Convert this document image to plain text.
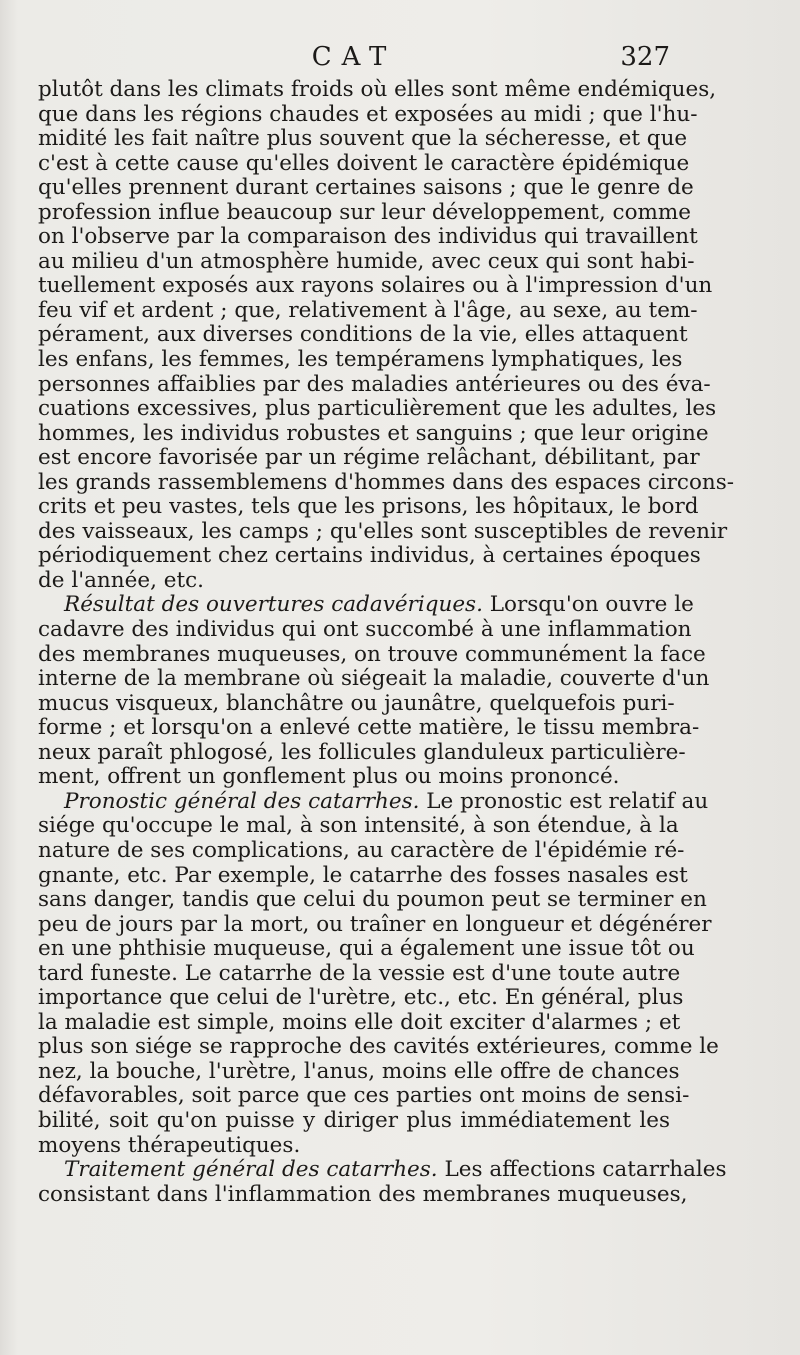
CAT	327
plutôt dans les climats froids où elles sont même endémiques,
que dans les régions chaudes et exposées au midi ; que l'hu-
midité les fait naître plus souvent que la sécheresse, et que
c'est à cette cause qu'elles doivent le caractère épidémique
qu'elles prennent durant certaines saisons ; que le genre de
profession influe beaucoup sur leur développement, comme
on l'observe par la comparaison des individus qui travaillent
au milieu d'un atmosphère humide, avec ceux qui sont habi-
tuellement exposés aux rayons solaires ou à l'impression d'un
feu vif et ardent ; que, relativement à l'âge, au sexe, au tem-
pérament, aux diverses conditions de la vie, elles attaquent
les enfans, les femmes, les tempéramens lymphatiques, les
personnes affaiblies par des maladies antérieures ou des éva-
cuations excessives, plus particulièrement que les adultes, les
hommes, les individus robustes et sanguins ; que leur origine
est encore favorisée par un régime relâchant, débilitant, par
les grands rassemblemens d'hommes dans des espaces circons-
crits et peu vastes, tels que les prisons, les hôpitaux, le bord
des vaisseaux, les camps ; qu'elles sont susceptibles de revenir
périodiquement chez certains individus, à certaines époques
de l'année, etc.
Résultat des ouvertures cadavériques. Lorsqu'on ouvre le
cadavre des individus qui ont succombé à une inflammation
des membranes muqueuses, on trouve communément la face
interne de la membrane où siégeait la maladie, couverte d'un
mucus visqueux, blanchâtre ou jaunâtre, quelquefois puri-
forme ; et lorsqu'on a enlevé cette matière, le tissu membra-
neux paraît phlogosé, les follicules glanduleux particulière-
ment, offrent un gonflement plus ou moins prononcé.
Pronostic général des catarrhes. Le pronostic est relatif au
siége qu'occupe le mal, à son intensité, à son étendue, à la
nature de ses complications, au caractère de l'épidémie ré-
gnante, etc. Par exemple, le catarrhe des fosses nasales est
sans danger, tandis que celui du poumon peut se terminer en
peu de jours par la mort, ou traîner en longueur et dégénérer
en une phthisie muqueuse, qui a également une issue tôt ou
tard funeste. Le catarrhe de la vessie est d'une toute autre
importance que celui de l'urètre, etc., etc. En général, plus
la maladie est simple, moins elle doit exciter d'alarmes ; et
plus son siége se rapproche des cavités extérieures, comme le
nez, la bouche, l'urètre, l'anus, moins elle offre de chances
défavorables, soit parce que ces parties ont moins de sensi-
bilité, soit qu'on puisse y diriger plus immédiatement les
moyens thérapeutiques.
Traitement général des catarrhes. Les affections catarrhales
consistant dans l'inflammation des membranes muqueuses,
